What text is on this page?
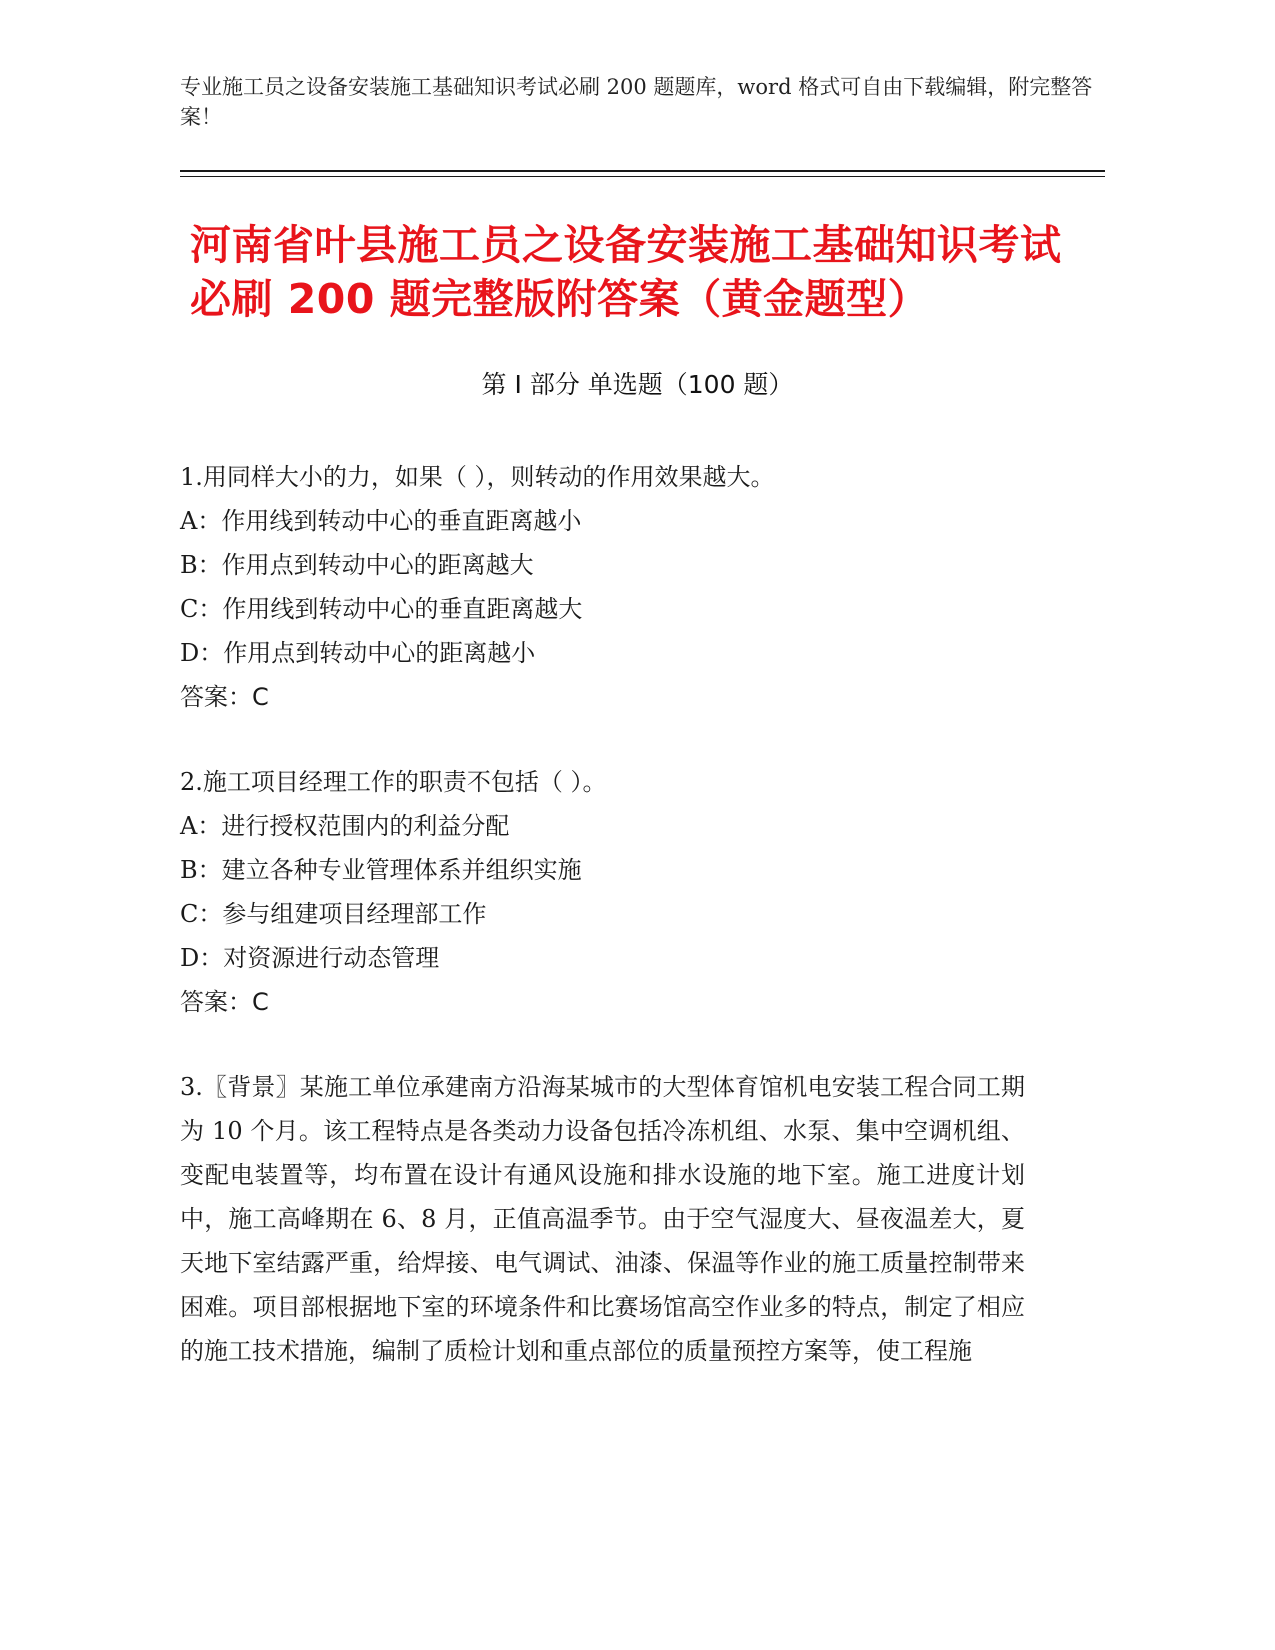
专业施工员之设备安装施工基础知识考试必刷 200 题题库，word 格式可自由下载编辑，附完整答案！
河南省叶县施工员之设备安装施工基础知识考试必刷 200 题完整版附答案（黄金题型）
第 I 部分 单选题（100 题）
1.用同样大小的力，如果（ ），则转动的作用效果越大。
A：作用线到转动中心的垂直距离越小
B：作用点到转动中心的距离越大
C：作用线到转动中心的垂直距离越大
D：作用点到转动中心的距离越小
答案：C
2.施工项目经理工作的职责不包括（ ）。
A：进行授权范围内的利益分配
B：建立各种专业管理体系并组织实施
C：参与组建项目经理部工作
D：对资源进行动态管理
答案：C
3.〖背景〗某施工单位承建南方沿海某城市的大型体育馆机电安装工程合同工期为 10 个月。该工程特点是各类动力设备包括冷冻机组、水泵、集中空调机组、变配电装置等，均布置在设计有通风设施和排水设施的地下室。施工进度计划中，施工高峰期在 6、8 月，正值高温季节。由于空气湿度大、昼夜温差大，夏天地下室结露严重，给焊接、电气调试、油漆、保温等作业的施工质量控制带来困难。项目部根据地下室的环境条件和比赛场馆高空作业多的特点，制定了相应的施工技术措施，编制了质检计划和重点部位的质量预控方案等，使工程施
